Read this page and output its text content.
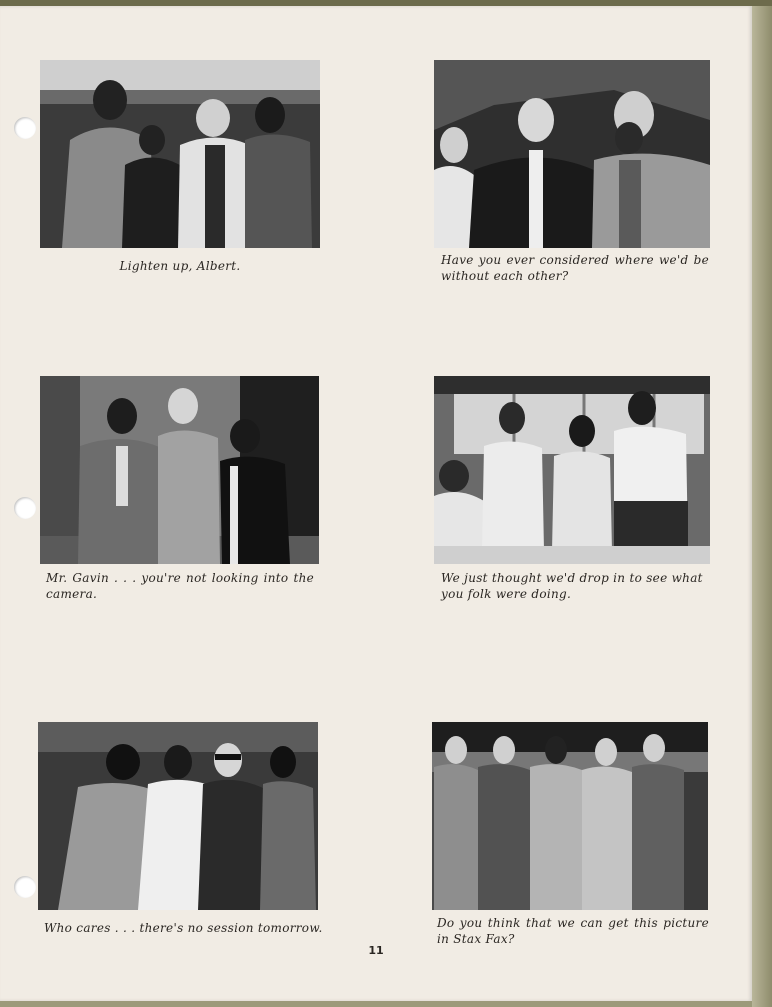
Lighten up, Albert.	Have you ever considered where we'd be without each other?

Mr. Gavin . . . you're not looking into the camera.

We just thought we'd drop in to see what you folk were doing.

Who cares . . . there's no session tomorrow.	Do you think that we can get this picture in Stax Fax?

11
